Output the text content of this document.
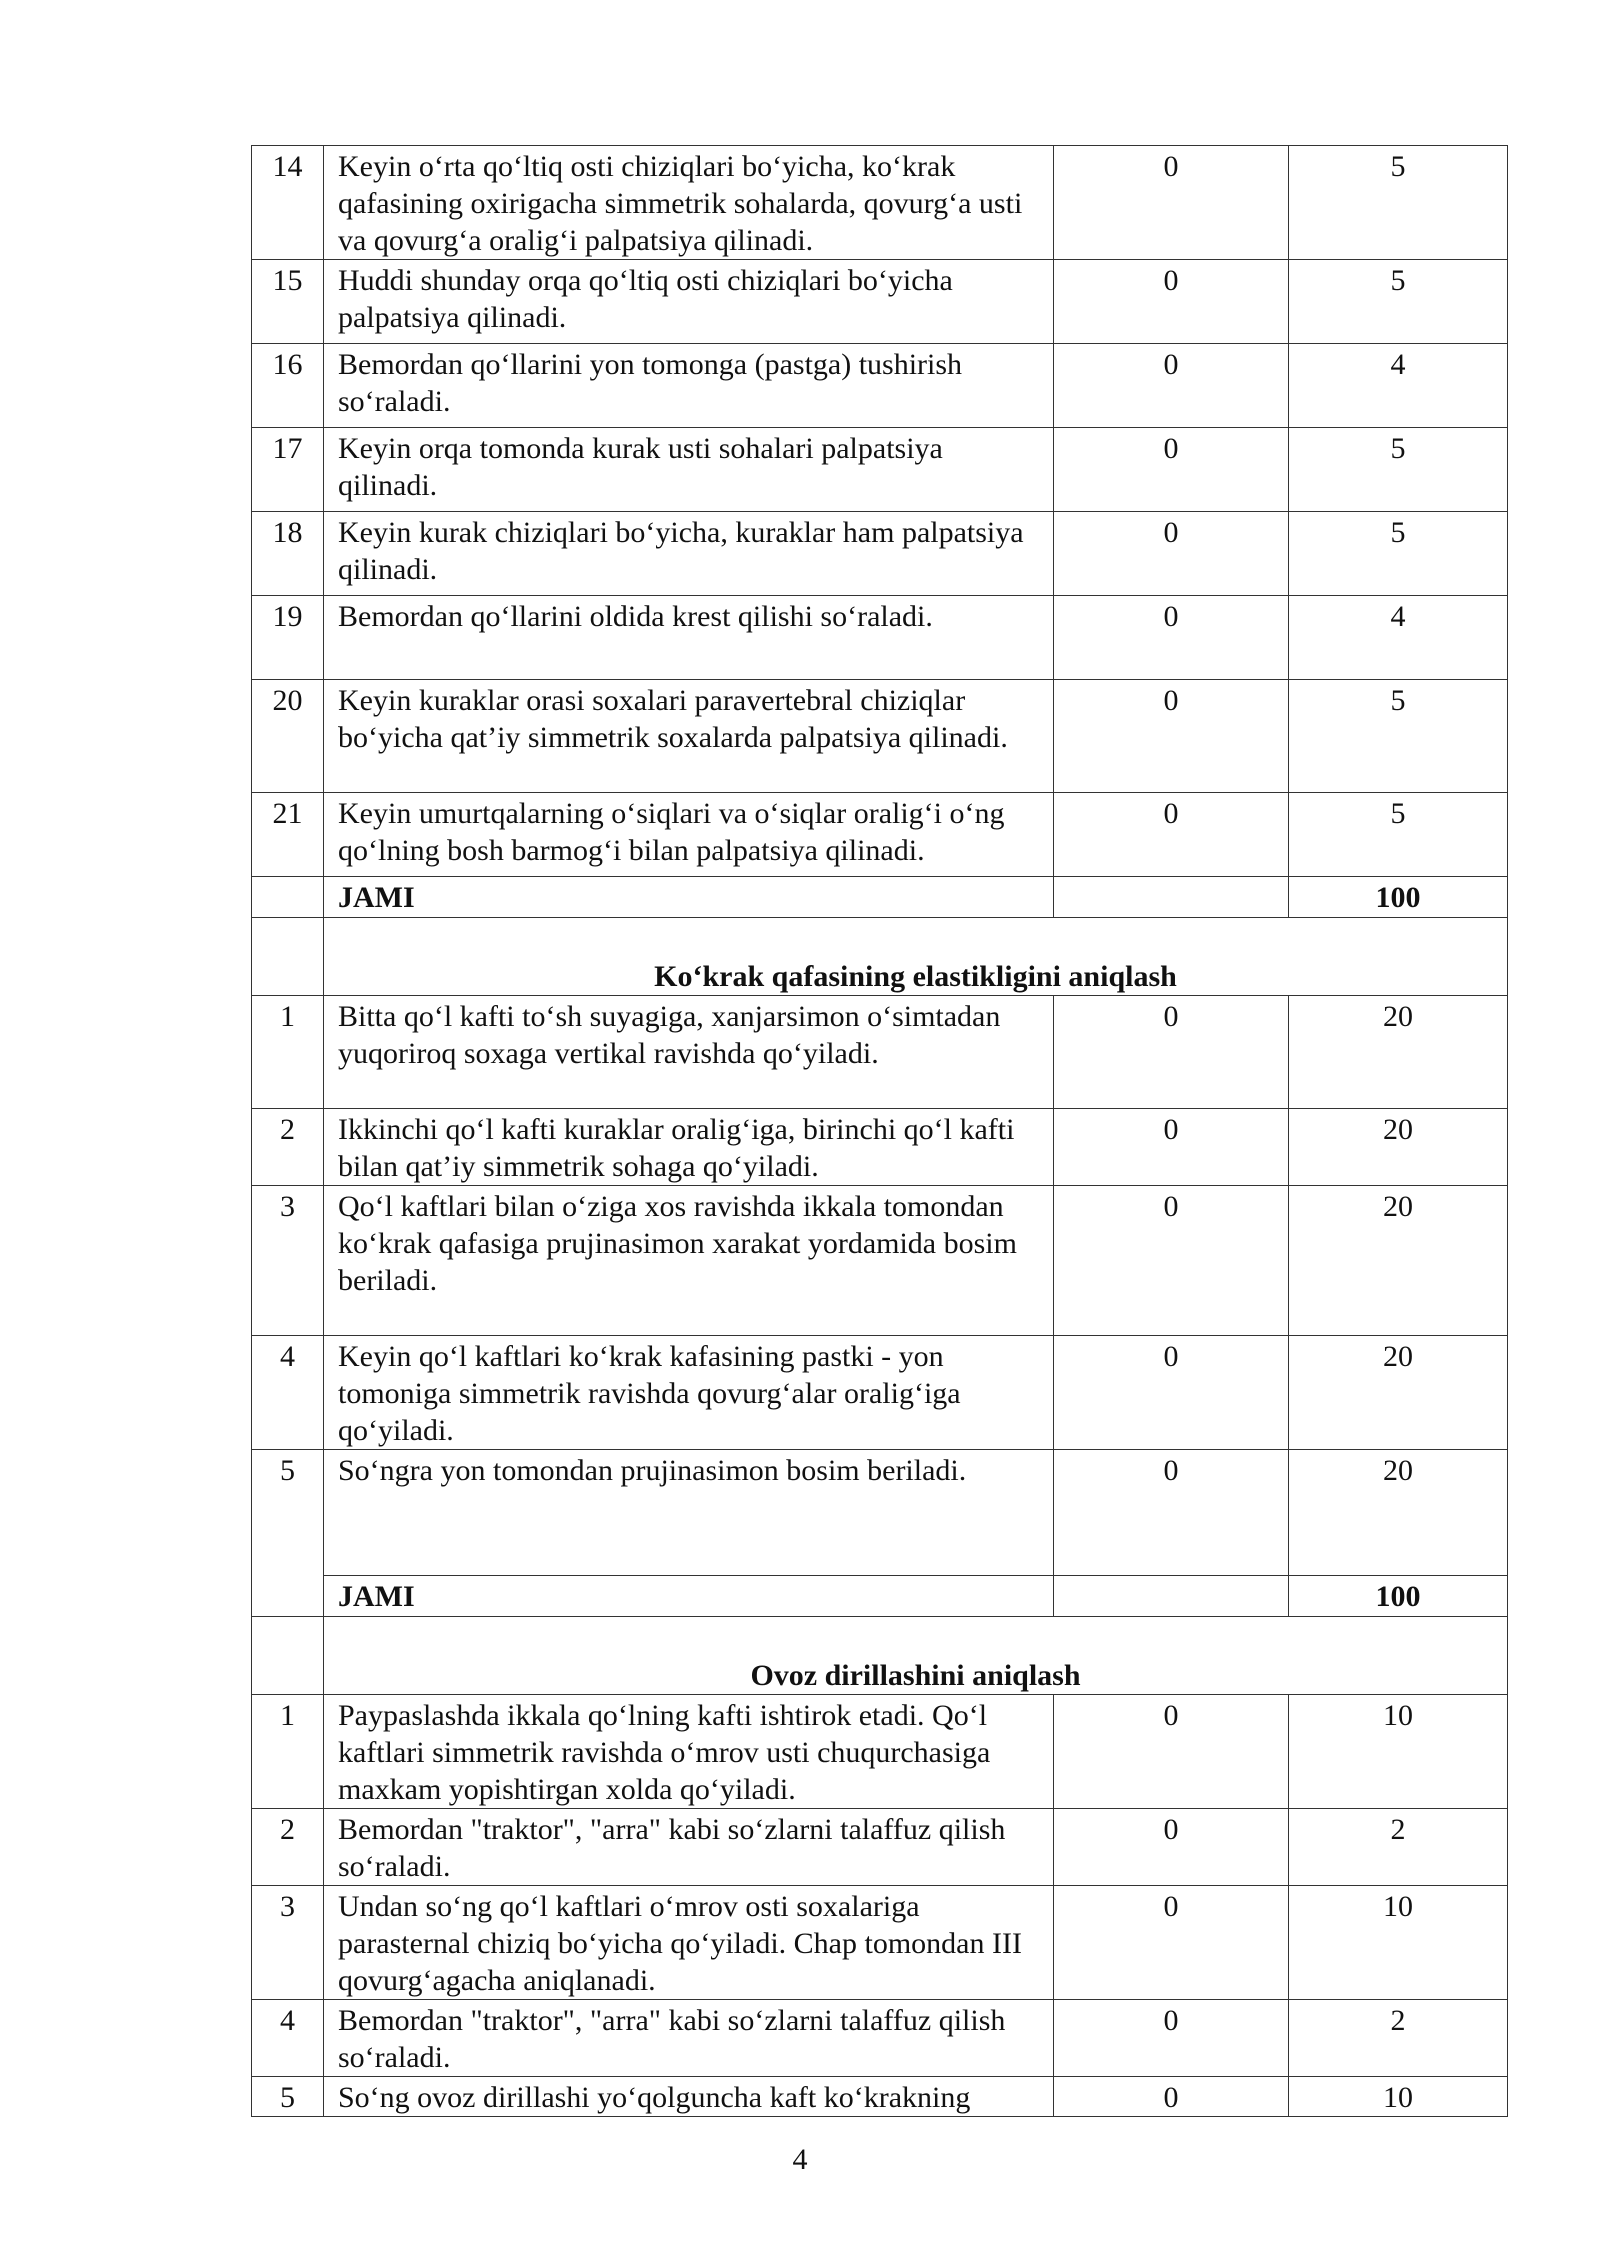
14	Keyin o‘rta qo‘ltiq osti chiziqlari bo‘yicha, ko‘krak qafasining oxirigacha simmetrik sohalarda, qovurg‘a usti va qovurg‘a oralig‘i palpatsiya qilinadi.	0	5
15	Huddi shunday orqa qo‘ltiq osti chiziqlari bo‘yicha palpatsiya qilinadi.	0	5
16	Bemordan qo‘llarini yon tomonga (pastga) tushirish so‘raladi.	0	4
17	Keyin orqa tomonda kurak usti sohalari palpatsiya qilinadi.	0	5
18	Keyin kurak chiziqlari bo‘yicha, kuraklar ham palpatsiya qilinadi.	0	5
19	Bemordan qo‘llarini oldida krest qilishi so‘raladi.	0	4
20	Keyin kuraklar orasi soxalari paravertebral chiziqlar bo‘yicha qat’iy simmetrik soxalarda palpatsiya qilinadi.	0	5
21	Keyin umurtqalarning o‘siqlari va o‘siqlar oralig‘i o‘ng qo‘lning bosh barmog‘i bilan palpatsiya qilinadi.	0	5
	JAMI		100
	Ko‘krak qafasining elastikligini aniqlash		
1	Bitta qo‘l kafti to‘sh suyagiga, xanjarsimon o‘simtadan yuqoriroq soxaga vertikal ravishda qo‘yiladi.	0	20
2	Ikkinchi qo‘l kafti kuraklar oralig‘iga, birinchi qo‘l kafti bilan qat’iy simmetrik sohaga qo‘yiladi.	0	20
3	Qo‘l kaftlari bilan o‘ziga xos ravishda ikkala tomondan ko‘krak qafasiga prujinasimon xarakat yordamida bosim beriladi.	0	20
4	Keyin qo‘l kaftlari ko‘krak kafasining pastki - yon tomoniga simmetrik ravishda qovurg‘alar oralig‘iga qo‘yiladi.	0	20
5	So‘ngra yon tomondan prujinasimon bosim beriladi.	0	20
	JAMI		100
	Ovoz dirillashini aniqlash		
1	Paypaslashda ikkala qo‘lning kafti ishtirok etadi. Qo‘l kaftlari simmetrik ravishda o‘mrov usti chuqurchasiga maxkam yopishtirgan xolda qo‘yiladi.	0	10
2	Bemordan "traktor", "arra" kabi so‘zlarni talaffuz qilish so‘raladi.	0	2
3	Undan so‘ng qo‘l kaftlari o‘mrov osti soxalariga parasternal chiziq bo‘yicha qo‘yiladi. Chap tomondan III qovurg‘agacha aniqlanadi.	0	10
4	Bemordan "traktor", "arra" kabi so‘zlarni talaffuz qilish so‘raladi.	0	2
5	So‘ng ovoz dirillashi yo‘qolguncha kaft ko‘krakning	0	10
4
